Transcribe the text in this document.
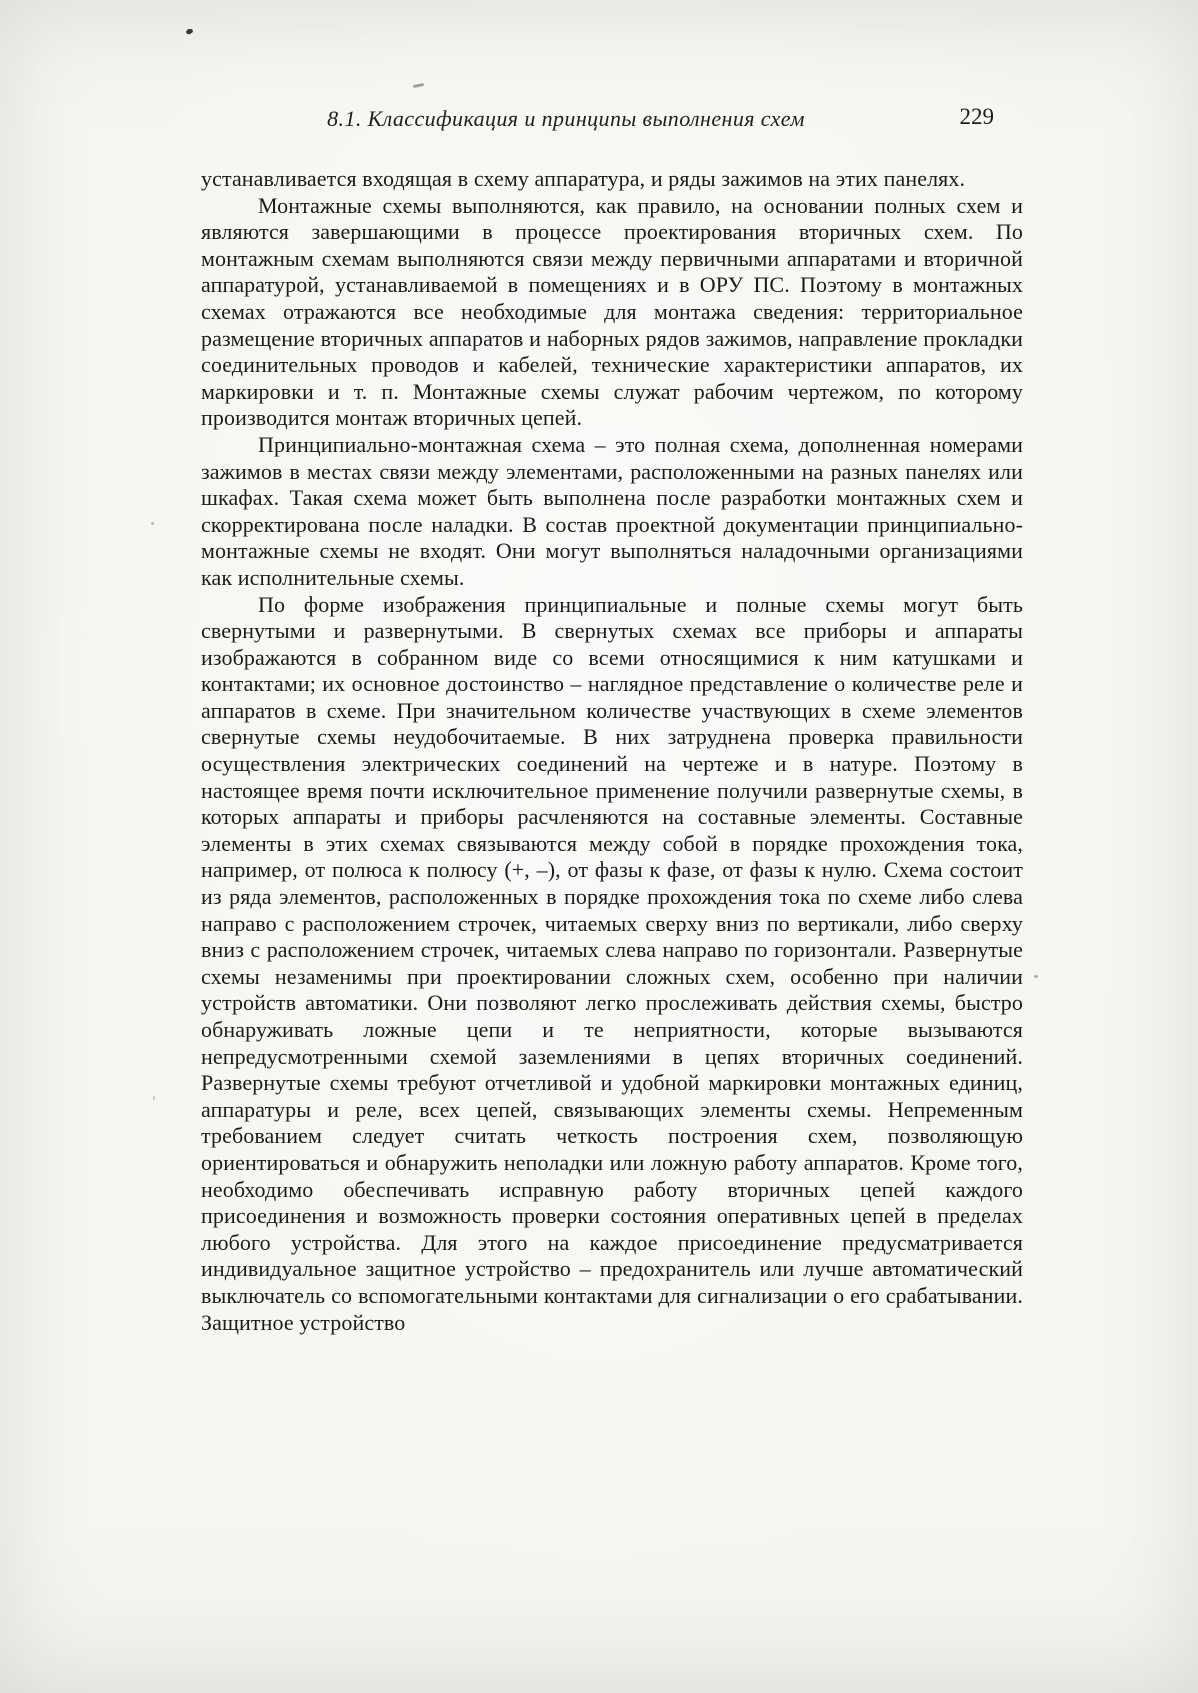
8.1. Классификация и принципы выполнения схем	229

устанавливается входящая в схему аппаратура, и ряды зажимов на этих панелях.

Монтажные схемы выполняются, как правило, на основании полных схем и являются завершающими в процессе проектирования вторичных схем. По монтажным схемам выполняются связи между первичными аппаратами и вторичной аппаратурой, устанавливаемой в помещениях и в ОРУ ПС. Поэтому в монтажных схемах отражаются все необходимые для монтажа сведения: территориальное размещение вторичных аппаратов и наборных рядов зажимов, направление прокладки соединительных проводов и кабелей, технические характеристики аппаратов, их маркировки и т. п. Монтажные схемы служат рабочим чертежом, по которому производится монтаж вторичных цепей.

Принципиально-монтажная схема – это полная схема, дополненная номерами зажимов в местах связи между элементами, расположенными на разных панелях или шкафах. Такая схема может быть выполнена после разработки монтажных схем и скорректирована после наладки. В состав проектной документации принципиально-монтажные схемы не входят. Они могут выполняться наладочными организациями как исполнительные схемы.

По форме изображения принципиальные и полные схемы могут быть свернутыми и развернутыми. В свернутых схемах все приборы и аппараты изображаются в собранном виде со всеми относящимися к ним катушками и контактами; их основное достоинство – наглядное представление о количестве реле и аппаратов в схеме. При значительном количестве участвующих в схеме элементов свернутые схемы неудобочитаемые. В них затруднена проверка правильности осуществления электрических соединений на чертеже и в натуре. Поэтому в настоящее время почти исключительное применение получили развернутые схемы, в которых аппараты и приборы расчленяются на составные элементы. Составные элементы в этих схемах связываются между собой в порядке прохождения тока, например, от полюса к полюсу (+, –), от фазы к фазе, от фазы к нулю. Схема состоит из ряда элементов, расположенных в порядке прохождения тока по схеме либо слева направо с расположением строчек, читаемых сверху вниз по вертикали, либо сверху вниз с расположением строчек, читаемых слева направо по горизонтали. Развернутые схемы незаменимы при проектировании сложных схем, особенно при наличии устройств автоматики. Они позволяют легко прослеживать действия схемы, быстро обнаруживать ложные цепи и те неприятности, которые вызываются непредусмотренными схемой заземлениями в цепях вторичных соединений. Развернутые схемы требуют отчетливой и удобной маркировки монтажных единиц, аппаратуры и реле, всех цепей, связывающих элементы схемы. Непременным требованием следует считать четкость построения схем, позволяющую ориентироваться и обнаружить неполадки или ложную работу аппаратов. Кроме того, необходимо обеспечивать исправную работу вторичных цепей каждого присоединения и возможность проверки состояния оперативных цепей в пределах любого устройства. Для этого на каждое присоединение предусматривается индивидуальное защитное устройство – предохранитель или лучше автоматический выключатель со вспомогательными контактами для сигнализации о его срабатывании. Защитное устройство
